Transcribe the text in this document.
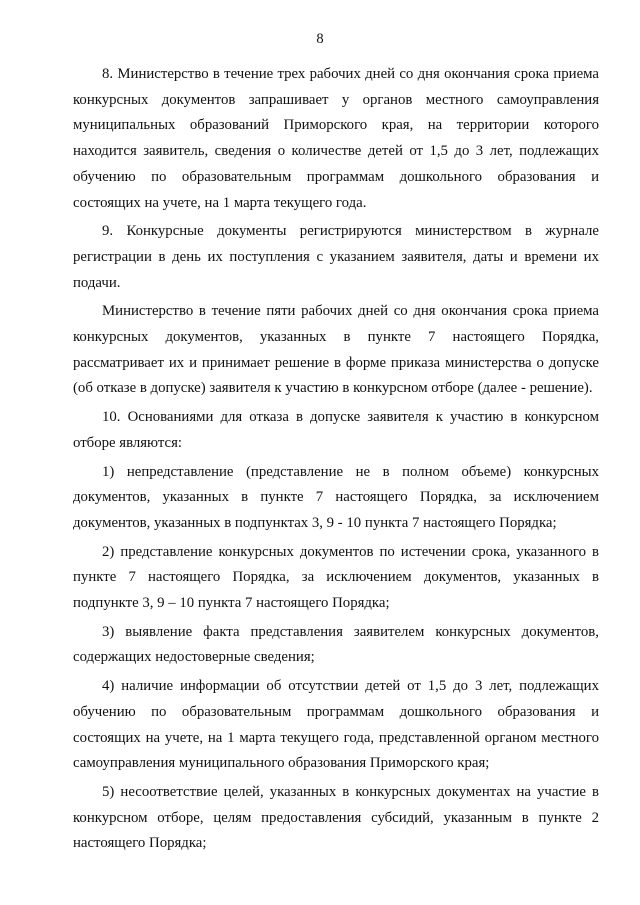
8

8. Министерство в течение трех рабочих дней со дня окончания срока приема конкурсных документов запрашивает у органов местного самоуправления муниципальных образований Приморского края, на территории которого находится заявитель, сведения о количестве детей от 1,5 до 3 лет, подлежащих обучению по образовательным программам дошкольного образования и состоящих на учете, на 1 марта текущего года.

9. Конкурсные документы регистрируются министерством в журнале регистрации в день их поступления с указанием заявителя, даты и времени их подачи.

Министерство в течение пяти рабочих дней со дня окончания срока приема конкурсных документов, указанных в пункте 7 настоящего Порядка, рассматривает их и принимает решение в форме приказа министерства о допуске (об отказе в допуске) заявителя к участию в конкурсном отборе (далее - решение).

10. Основаниями для отказа в допуске заявителя к участию в конкурсном отборе являются:

1) непредставление (представление не в полном объеме) конкурсных документов, указанных в пункте 7 настоящего Порядка, за исключением документов, указанных в подпунктах 3, 9 - 10 пункта 7 настоящего Порядка;

2) представление конкурсных документов по истечении срока, указанного в пункте 7 настоящего Порядка, за исключением документов, указанных в подпункте 3, 9 – 10 пункта 7 настоящего Порядка;

3) выявление факта представления заявителем конкурсных документов, содержащих недостоверные сведения;

4) наличие информации об отсутствии детей от 1,5 до 3 лет, подлежащих обучению по образовательным программам дошкольного образования и состоящих на учете, на 1 марта текущего года, представленной органом местного самоуправления муниципального образования Приморского края;

5) несоответствие целей, указанных в конкурсных документах на участие в конкурсном отборе, целям предоставления субсидий, указанным в пункте 2 настоящего Порядка;
